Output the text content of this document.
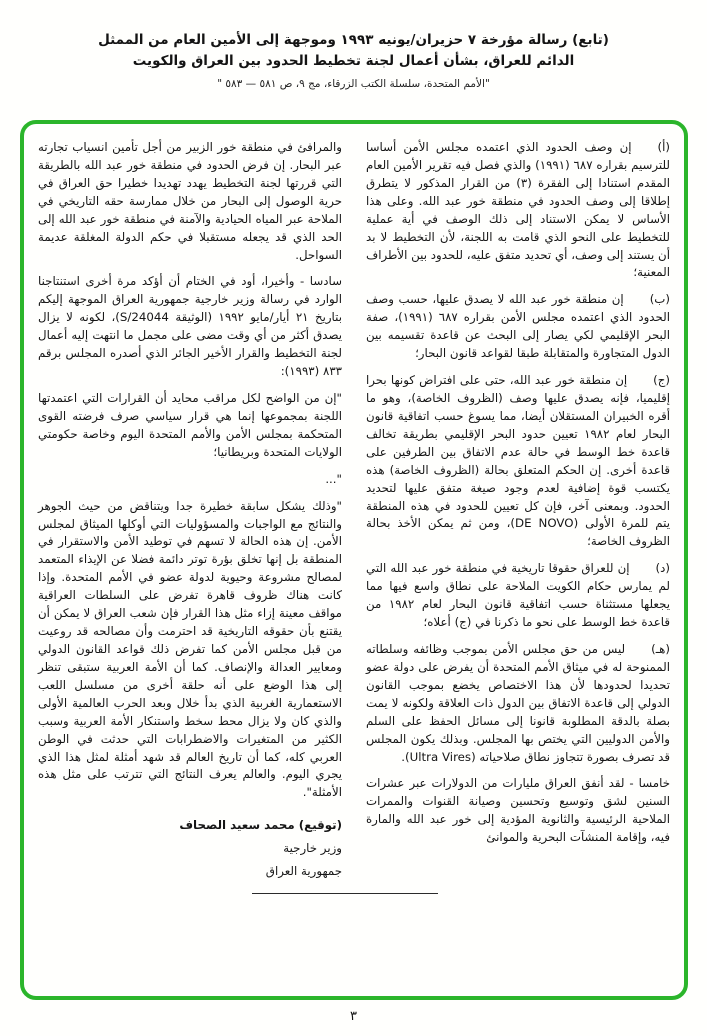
(تابع) رسالة مؤرخة ٧ حزيران/يونيه ١٩٩٣ وموجهة إلى الأمين العام من الممثل
الدائم للعراق، بشأن أعمال لجنة تخطيط الحدود بين العراق والكويت
"الأمم المتحدة، سلسلة الكتب الزرقاء، مج ٩، ص ٥٨١ — ٥٨٣ "

(أ)إن وصف الحدود الذي اعتمده مجلس الأمن أساسا للترسيم بقراره ٦٨٧ (١٩٩١) والذي فصل فيه تقرير الأمين العام المقدم استنادا إلى الفقرة (٣) من القرار المذكور لا يتطرق إطلاقا إلى وصف الحدود في منطقة خور عبد الله. وعلى هذا الأساس لا يمكن الاستناد إلى ذلك الوصف في أية عملية للتخطيط على النحو الذي قامت به اللجنة، لأن التخطيط لا بد أن يستند إلى وصف، أي تحديد متفق عليه، للحدود بين الأطراف المعنية؛

(ب)إن منطقة خور عبد الله لا يصدق عليها، حسب وصف الحدود الذي اعتمده مجلس الأمن بقراره ٦٨٧ (١٩٩١)، صفة البحر الإقليمي لكي يصار إلى البحث عن قاعدة تقسيمه بين الدول المتجاورة والمتقابلة طبقا لقواعد قانون البحار؛

(ج)إن منطقة خور عبد الله، حتى على افتراض كونها بحرا إقليميا، فإنه يصدق عليها وصف (الظروف الخاصة)، وهو ما أقره الخبيران المستقلان أيضا، مما يسوغ حسب اتفاقية قانون البحار لعام ١٩٨٢ تعيين حدود البحر الإقليمي بطريقة تخالف قاعدة خط الوسط في حالة عدم الاتفاق بين الطرفين على قاعدة أخرى. إن الحكم المتعلق بحالة (الظروف الخاصة) هذه يكتسب قوة إضافية لعدم وجود صيغة متفق عليها لتحديد الحدود. وبمعنى آخر، فإن كل تعيين للحدود في هذه المنطقة يتم للمرة الأولى (DE NOVO)، ومن ثم يمكن الأخذ بحالة الظروف الخاصة؛

(د)إن للعراق حقوقا تاريخية في منطقة خور عبد الله التي لم يمارس حكام الكويت الملاحة على نطاق واسع فيها مما يجعلها مستثناة حسب اتفاقية قانون البحار لعام ١٩٨٢ من قاعدة خط الوسط على نحو ما ذكرنا في (ج) أعلاه؛

(هـ)ليس من حق مجلس الأمن بموجب وظائفه وسلطاته الممنوحة له في ميثاق الأمم المتحدة أن يفرض على دولة عضو تحديدا لحدودها لأن هذا الاختصاص يخضع بموجب القانون الدولي إلى قاعدة الاتفاق بين الدول ذات العلاقة ولكونه لا يمت بصلة بالدقة المطلوبة قانونا إلى مسائل الحفظ على السلم والأمن الدوليين التي يختص بها المجلس. وبذلك يكون المجلس قد تصرف بصورة تتجاوز نطاق صلاحياته (Ultra Vires).

خامسا - لقد أنفق العراق مليارات من الدولارات عبر عشرات السنين لشق وتوسيع وتحسين وصيانة القنوات والممرات الملاحية الرئيسية والثانوية المؤدية إلى خور عبد الله والمارة فيه، وإقامة المنشآت البحرية والموانئ

والمرافئ في منطقة خور الزبير من أجل تأمين انسياب تجارته عبر البحار. إن فرض الحدود في منطقة خور عبد الله بالطريقة التي قررتها لجنة التخطيط يهدد تهديدا خطيرا حق العراق في حرية الوصول إلى البحار من خلال ممارسة حقه التاريخي في الملاحة عبر المياه الحيادية والآمنة في منطقة خور عبد الله إلى الحد الذي قد يجعله مستقبلا في حكم الدولة المغلقة عديمة السواحل.

سادسا - وأخيرا، أود في الختام أن أؤكد مرة أخرى استنتاجنا الوارد في رسالة وزير خارجية جمهورية العراق الموجهة إليكم بتاريخ ٢١ أيار/مايو ١٩٩٢ (الوثيقة S/24044)، لكونه لا يزال يصدق أكثر من أي وقت مضى على مجمل ما انتهت إليه أعمال لجنة التخطيط والقرار الأخير الجائر الذي أصدره المجلس برقم ٨٣٣ (١٩٩٣):

"إن من الواضح لكل مراقب محايد أن القرارات التي اعتمدتها اللجنة بمجموعها إنما هي قرار سياسي صرف فرضته القوى المتحكمة بمجلس الأمن والأمم المتحدة اليوم وخاصة حكومتي الولايات المتحدة وبريطانيا؛

"...

"وذلك يشكل سابقة خطيرة جدا ويتناقض من حيث الجوهر والنتائج مع الواجبات والمسؤوليات التي أوكلها الميثاق لمجلس الأمن. إن هذه الحالة لا تسهم في توطيد الأمن والاستقرار في المنطقة بل إنها تخلق بؤرة توتر دائمة فضلا عن الإيذاء المتعمد لمصالح مشروعة وحيوية لدولة عضو في الأمم المتحدة. وإذا كانت هناك ظروف قاهرة تفرض على السلطات العراقية مواقف معينة إزاء مثل هذا القرار فإن شعب العراق لا يمكن أن يقتنع بأن حقوقه التاريخية قد احترمت وأن مصالحه قد روعيت من قبل مجلس الأمن كما تفرض ذلك قواعد القانون الدولي ومعايير العدالة والإنصاف. كما أن الأمة العربية ستبقى تنظر إلى هذا الوضع على أنه حلقة أخرى من مسلسل اللعب الاستعمارية الغربية الذي بدأ خلال وبعد الحرب العالمية الأولى والذي كان ولا يزال محط سخط واستنكار الأمة العربية وسبب الكثير من المتغيرات والاضطرابات التي حدثت في الوطن العربي كله، كما أن تاريخ العالم قد شهد أمثلة لمثل هذا الذي يجري اليوم. والعالم يعرف النتائج التي تترتب على مثل هذه الأمثلة".

(توقيع) محمد سعيد الصحاف
وزير خارجية
جمهورية العراق
٣
